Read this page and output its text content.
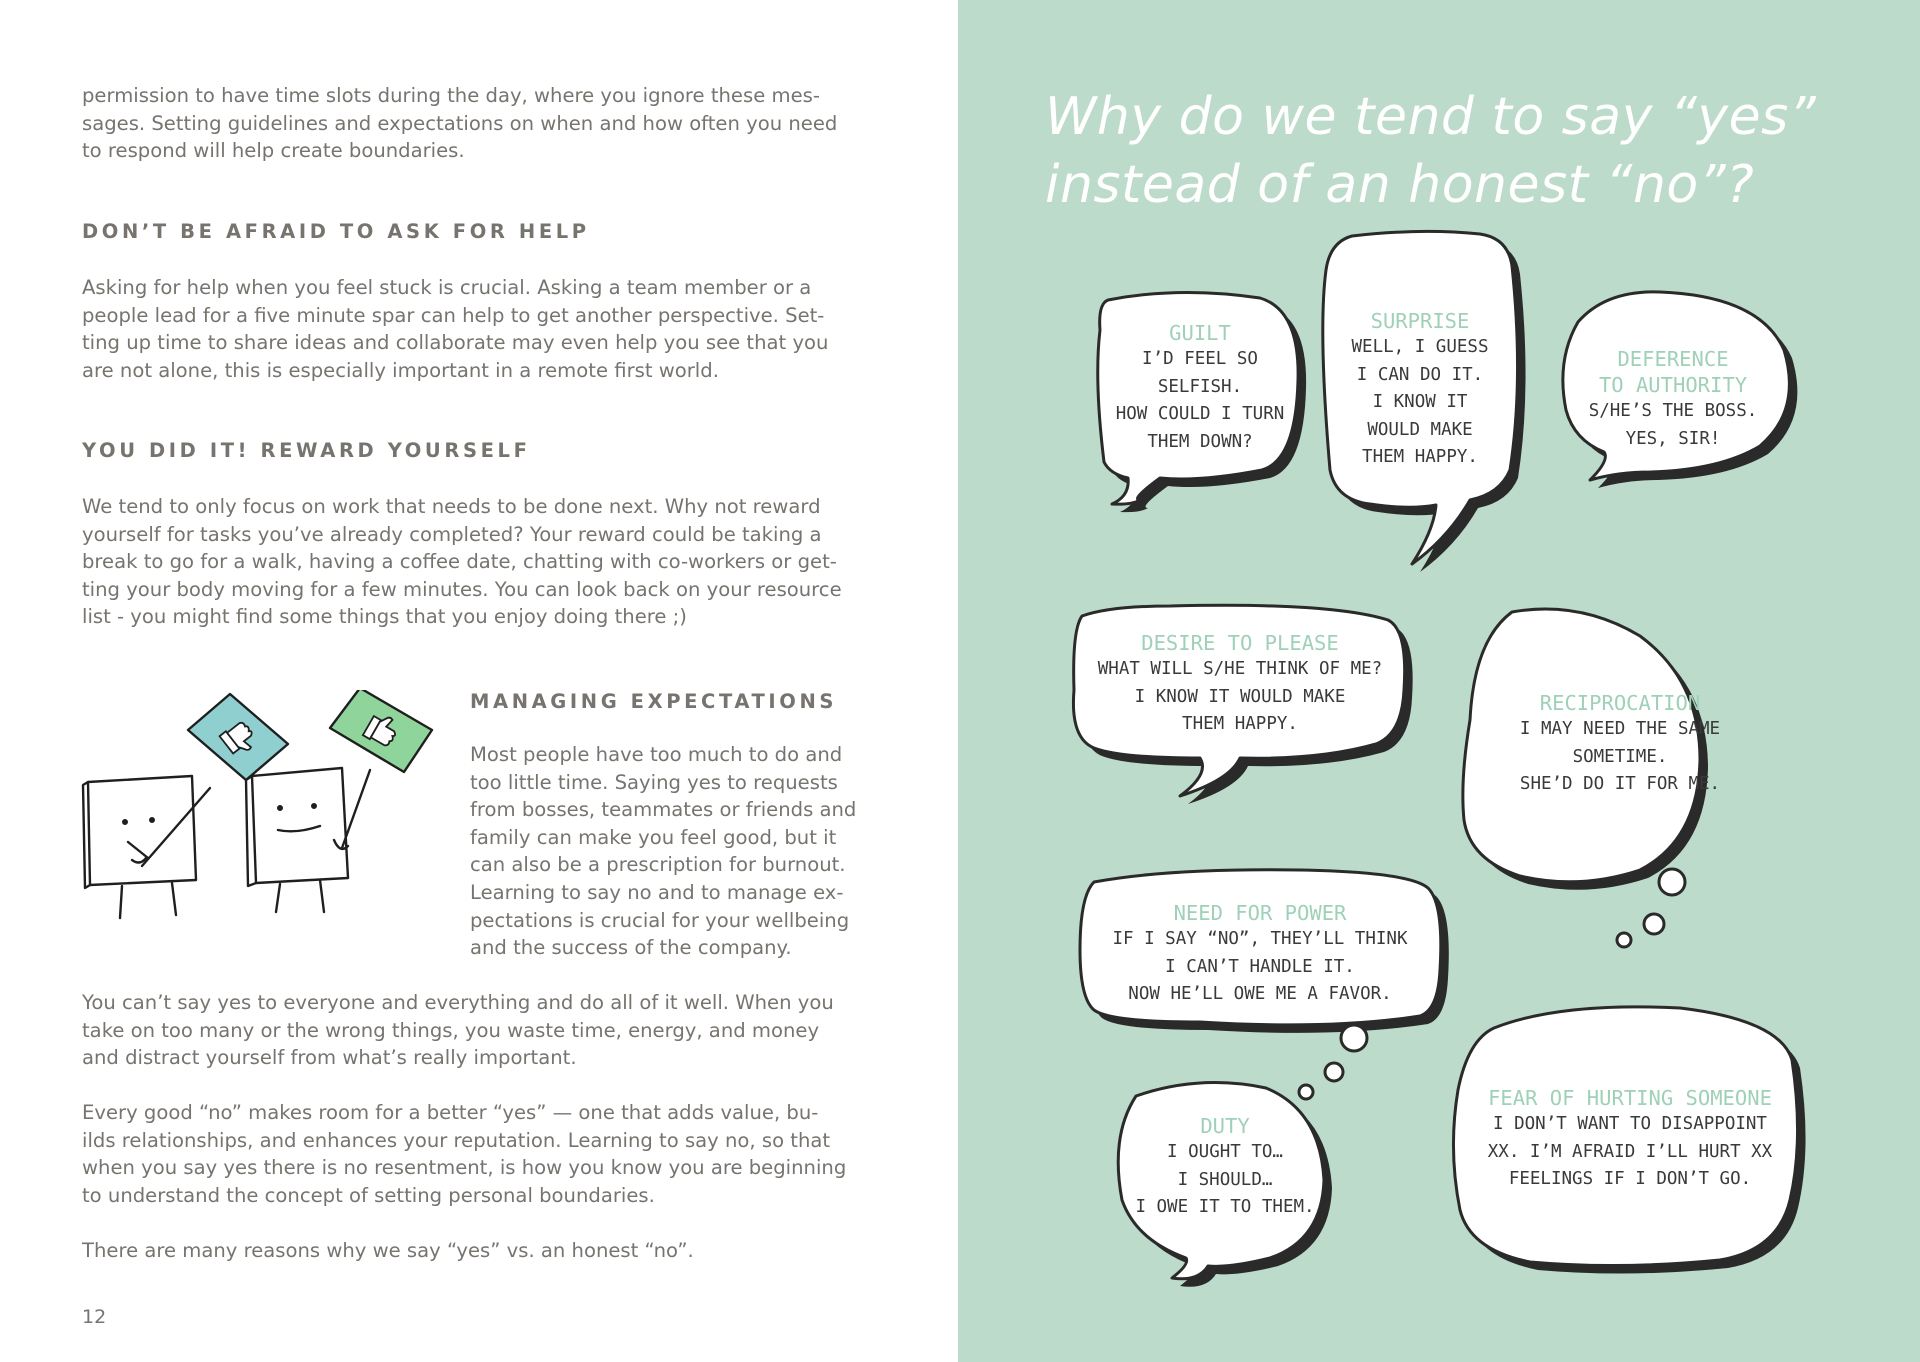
permission to have time slots during the day, where you ignore these mes-
sages. Setting guidelines and expectations on when and how often you need
to respond will help create boundaries.

DON’T BE AFRAID TO ASK FOR HELP

Asking for help when you feel stuck is crucial. Asking a team member or a
people lead for a five minute spar can help to get another perspective. Set-
ting up time to share ideas and collaborate may even help you see that you
are not alone, this is especially important in a remote first world.

YOU DID IT! REWARD YOURSELF

We tend to only focus on work that needs to be done next. Why not reward
yourself for tasks you’ve already completed? Your reward could be taking a
break to go for a walk, having a coffee date, chatting with co-workers or get-
ting your body moving for a few minutes. You can look back on your resource
list - you might find some things that you enjoy doing there ;)

MANAGING EXPECTATIONS

Most people have too much to do and
too little time. Saying yes to requests
from bosses, teammates or friends and
family can make you feel good, but it
can also be a prescription for burnout.
Learning to say no and to manage ex-
pectations is crucial for your wellbeing
and the success of the company.

You can’t say yes to everyone and everything and do all of it well. When you
take on too many or the wrong things, you waste time, energy, and money
and distract yourself from what’s really important.

Every good “no” makes room for a better “yes” — one that adds value, bu-
ilds relationships, and enhances your reputation. Learning to say no, so that
when you say yes there is no resentment, is how you know you are beginning
to understand the concept of setting personal boundaries.

There are many reasons why we say “yes” vs. an honest “no”.

12
Why do we tend to say “yes”
instead of an honest “no”?
GUILT
I’D FEEL SO SELFISH.
HOW COULD I TURN
THEM DOWN?
SURPRISE
WELL, I GUESS
I CAN DO IT.
I KNOW IT
WOULD MAKE
THEM HAPPY.
DEFERENCE
TO AUTHORITY
S/HE’S THE BOSS.
YES, SIR!
DESIRE TO PLEASE
WHAT WILL S/HE THINK OF ME?
I KNOW IT WOULD MAKE
THEM HAPPY.
RECIPROCATION
I MAY NEED THE SAME
SOMETIME.
SHE’D DO IT FOR ME.
NEED FOR POWER
IF I SAY “NO”, THEY’LL THINK
I CAN’T HANDLE IT.
NOW HE’LL OWE ME A FAVOR.
DUTY
I OUGHT TO…
I SHOULD…
I OWE IT TO THEM.
FEAR OF HURTING SOMEONE
I DON’T WANT TO DISAPPOINT
XX. I’M AFRAID I’LL HURT XX
FEELINGS IF I DON’T GO.
